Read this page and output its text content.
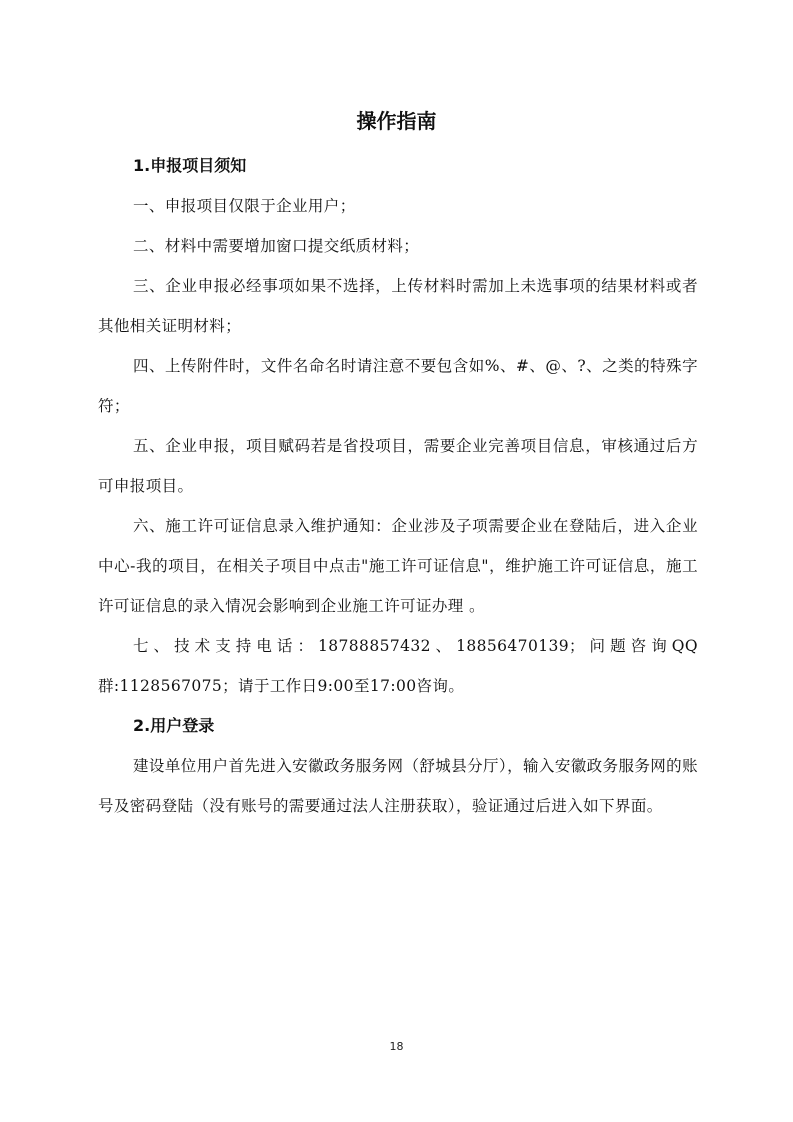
操作指南
1.申报项目须知

一、申报项目仅限于企业用户；

二、材料中需要增加窗口提交纸质材料；

三、企业申报必经事项如果不选择，上传材料时需加上未选事项的结果材料或者其他相关证明材料；

四、上传附件时，文件名命名时请注意不要包含如%、#、@、?、之类的特殊字符；

五、企业申报，项目赋码若是省投项目，需要企业完善项目信息，审核通过后方可申报项目。

六、施工许可证信息录入维护通知：企业涉及子项需要企业在登陆后，进入企业中心-我的项目，在相关子项目中点击"施工许可证信息"，维护施工许可证信息，施工许可证信息的录入情况会影响到企业施工许可证办理 。

七、技术支持电话：18788857432、18856470139；问题咨询QQ群:1128567075；请于工作日9:00至17:00咨询。

2.用户登录

建设单位用户首先进入安徽政务服务网（舒城县分厅），输入安徽政务服务网的账号及密码登陆（没有账号的需要通过法人注册获取），验证通过后进入如下界面。

18
